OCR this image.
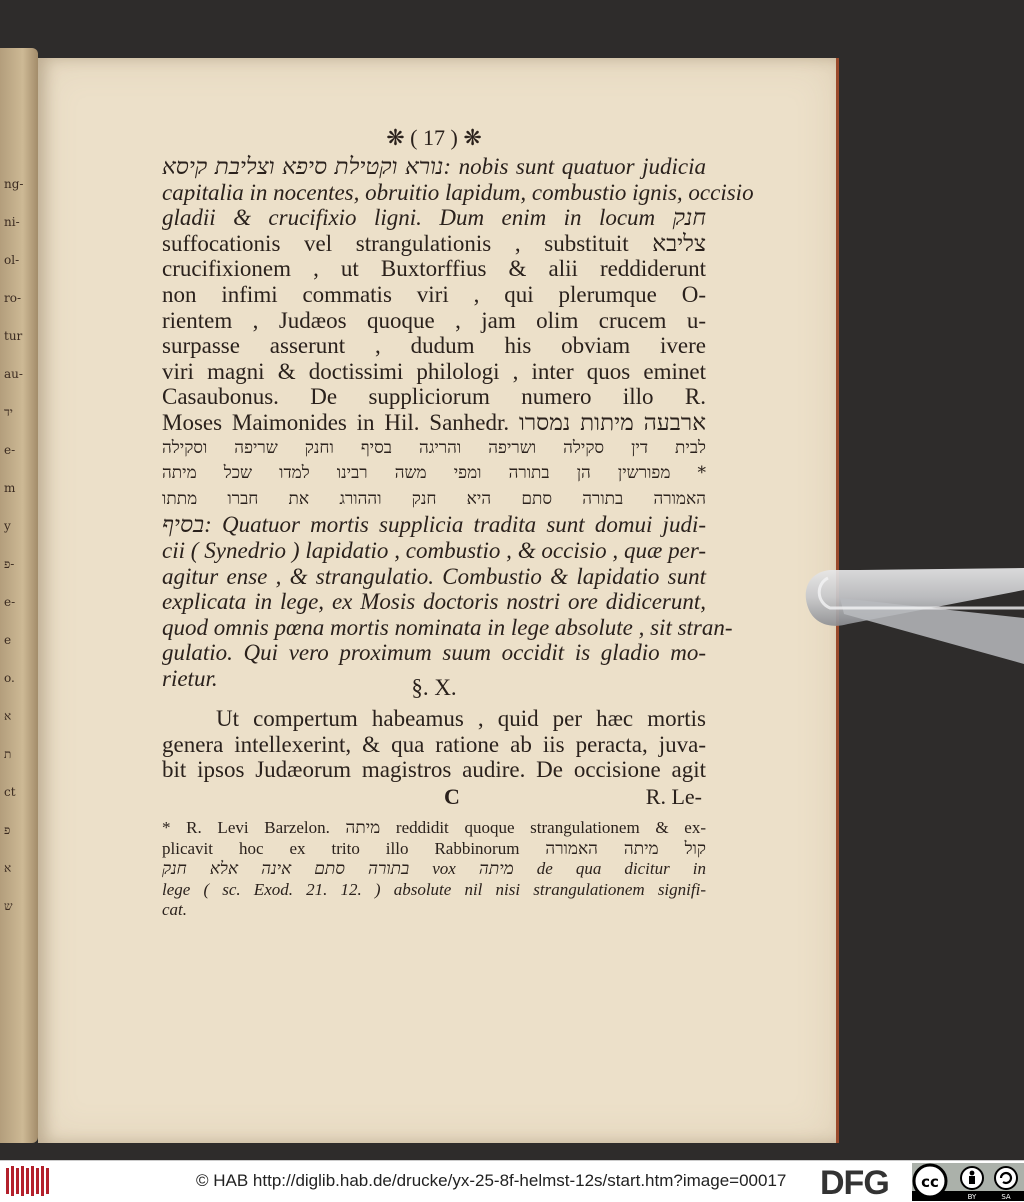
ng-
ni-
ol-
ro-
tur
au-
יד
e-
m
y
פ-
e-
e
o.
א
ת
ct
פ
א
ש
❋ ( 17 ) ❋
נורא וקטילת סיפא וצליבת קיסא: nobis sunt quatuor judicia
capitalia in nocentes, obruitio lapidum, combustio ignis, occisio
gladii & crucifixio ligni. Dum enim in locum חנק
suffocationis vel strangulationis , substituit צליבא
crucifixionem , ut Buxtorffius & alii reddiderunt
non infimi commatis viri , qui plerumque O-
rientem , Judæos quoque , jam olim crucem u-
surpasse asserunt , dudum his obviam ivere
viri magni & doctissimi philologi , inter quos eminet
Casaubonus. De suppliciorum numero illo R.
Moses Maimonides in Hil. Sanhedr. ארבעה מיתות נמסרו
לבית דין סקילה ושריפה והריגה בסיף וחנק שריפה וסקילה
מפורשין הן בתורה ומפי משה רבינו למדו שכל מיתה *
האמורה בתורה סתם היא חנק וההורג את חברו מתתו
בסיף: Quatuor mortis supplicia tradita sunt domui judi-
cii ( Synedrio ) lapidatio , combustio , & occisio , quæ per-
agitur ense , & strangulatio. Combustio & lapidatio sunt
explicata in lege, ex Mosis doctoris nostri ore didicerunt,
quod omnis pœna mortis nominata in lege absolute , sit stran-
gulatio. Qui vero proximum suum occidit is gladio mo-
rietur.	§. X.
Ut compertum habeamus , quid per hæc mortis
genera intellexerint, & qua ratione ab iis peracta, juva-
bit ipsos Judæorum magistros audire. De occisione agit
C	R. Le-
* R. Levi Barzelon. מיתה reddidit quoque strangulationem & ex-
plicavit hoc ex trito illo Rabbinorum קול מיתה האמורה
בתורה סתם אינה אלא חנק vox מיתה de qua dicitur in
lege ( sc. Exod. 21. 12. ) absolute nil nisi strangulationem signifi-
cat.
© HAB http://diglib.hab.de/drucke/yx-25-8f-helmst-12s/start.htm?image=00017 DFG cc
BY	SA
